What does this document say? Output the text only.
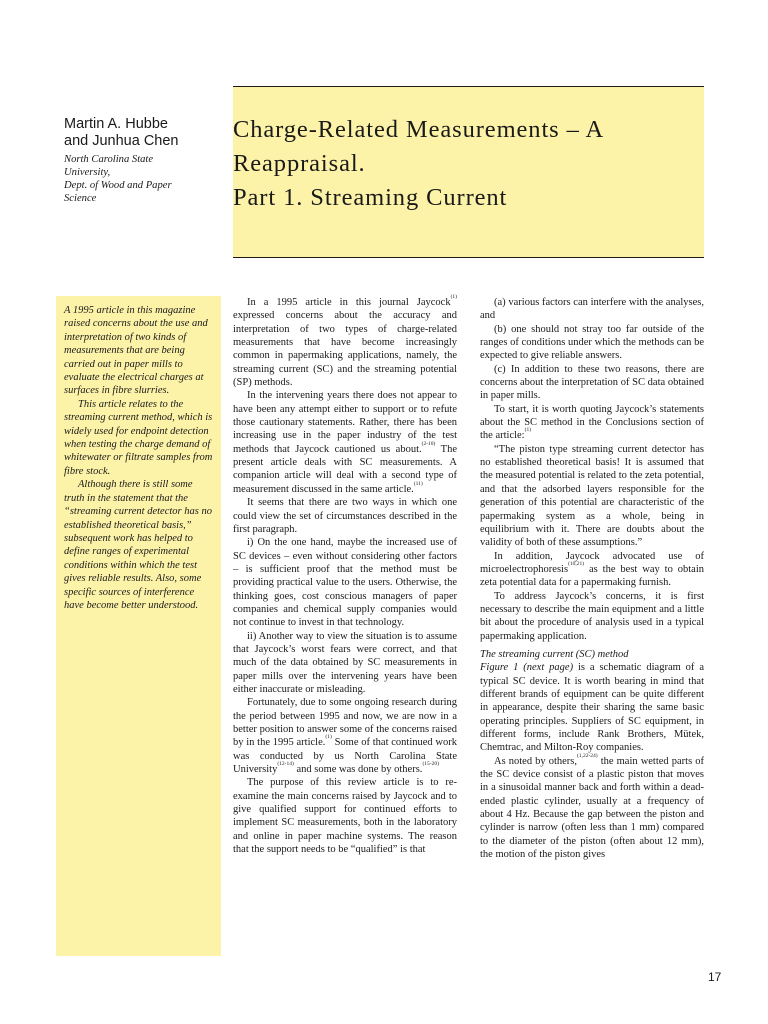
Martin A. Hubbe
and Junhua Chen
North Carolina State
University,
Dept. of Wood and Paper
Science
Charge-Related Measurements – A
Reappraisal.
Part 1. Streaming Current

A 1995 article in this magazine raised concerns about the use and interpretation of two kinds of measurements that are being carried out in paper mills to evaluate the electrical charges at surfaces in fibre slurries.

This article relates to the streaming current method, which is widely used for endpoint detection when testing the charge demand of whitewater or filtrate samples from fibre stock.

Although there is still some truth in the statement that the “streaming current detector has no established theoretical basis,” subsequent work has helped to define ranges of experimental conditions within which the test gives reliable results. Also, some specific sources of interference have become better understood.

In a 1995 article in this journal Jaycock$^{(1)}$ expressed concerns about the accuracy and interpretation of two types of charge-related measurements that have become increasingly common in papermaking applications, namely, the streaming current (SC) and the streaming potential (SP) methods.

In the intervening years there does not appear to have been any attempt either to support or to refute those cautionary statements. Rather, there has been increasing use in the paper industry of the test methods that Jaycock cautioned us about.$^{(2-10)}$ The present article deals with SC measurements. A companion article will deal with a second type of measurement discussed in the same article.$^{(11)}$

It seems that there are two ways in which one could view the set of circumstances described in the first paragraph.

i) On the one hand, maybe the increased use of SC devices – even without considering other factors – is sufficient proof that the method must be providing practical value to the users. Otherwise, the thinking goes, cost conscious managers of paper companies and chemical supply companies would not continue to invest in that technology.

ii) Another way to view the situation is to assume that Jaycock’s worst fears were correct, and that much of the data obtained by SC measurements in paper mills over the intervening years have been either inaccurate or misleading.

Fortunately, due to some ongoing research during the period between 1995 and now, we are now in a better position to answer some of the concerns raised by in the 1995 article.$^{(1)}$ Some of that continued work was conducted by us North Carolina State University$^{(12-14)}$ and some was done by others.$^{(15-20)}$

The purpose of this review article is to re-examine the main concerns raised by Jaycock and to give qualified support for continued efforts to implement SC measurements, both in the laboratory and online in paper machine systems. The reason that the support needs to be “qualified” is that

(a) various factors can interfere with the analyses, and

(b) one should not stray too far outside of the ranges of conditions under which the methods can be expected to give reliable answers.

(c) In addition to these two reasons, there are concerns about the interpretation of SC data obtained in paper mills.

To start, it is worth quoting Jaycock’s statements about the SC method in the Conclusions section of the article:$^{(1)}$

“The piston type streaming current detector has no established theoretical basis! It is assumed that the measured potential is related to the zeta potential, and that the adsorbed layers responsible for the generation of this potential are characteristic of the papermaking system as a whole, being in equilibrium with it. There are doubts about the validity of both of these assumptions.”

In addition, Jaycock advocated use of microelectrophoresis$^{(10,21)}$ as the best way to obtain zeta potential data for a papermaking furnish.

To address Jaycock’s concerns, it is first necessary to describe the main equipment and a little bit about the procedure of analysis used in a typical papermaking application.

The streaming current (SC) method

Figure 1 (next page) is a schematic diagram of a typical SC device. It is worth bearing in mind that different brands of equipment can be quite different in appearance, despite their sharing the same basic operating principles. Suppliers of SC equipment, in different forms, include Rank Brothers, Mütek, Chemtrac, and Milton-Roy companies.

As noted by others,$^{(1,22-24)}$ the main wetted parts of the SC device consist of a plastic piston that moves in a sinusoidal manner back and forth within a dead-ended plastic cylinder, usually at a frequency of about 4 Hz. Because the gap between the piston and cylinder is narrow (often less than 1 mm) compared to the diameter of the piston (often about 12 mm), the motion of the piston gives

17
